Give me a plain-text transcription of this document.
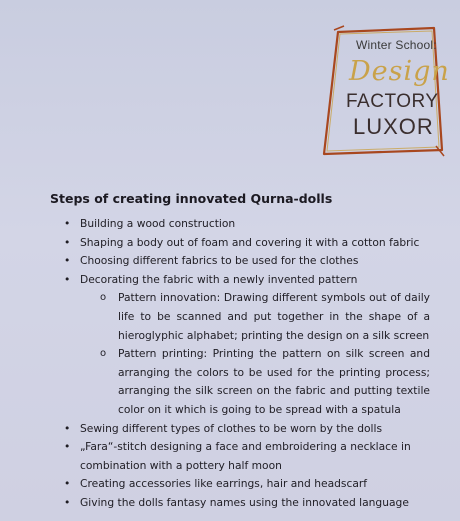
Winter School:
Design
FACTORY
LUXOR
Steps of creating innovated Qurna-dolls
• Building a wood construction
• Shaping a body out of foam and covering it with a cotton fabric
• Choosing different fabrics to be used for the clothes
• Decorating the fabric with a newly invented pattern
o Pattern innovation: Drawing different symbols out of daily life to be scanned and put together in the shape of a hieroglyphic alphabet; printing the design on a silk screen
o Pattern printing: Printing the pattern on silk screen and arranging the colors to be used for the printing process; arranging the silk screen on the fabric and putting textile color on it which is going to be spread with a spatula
• Sewing different types of clothes to be worn by the dolls
• „Fara“-stitch designing a face and embroidering a necklace in combination with a pottery half moon
• Creating accessories like earrings, hair and headscarf
• Giving the dolls fantasy names using the innovated language
